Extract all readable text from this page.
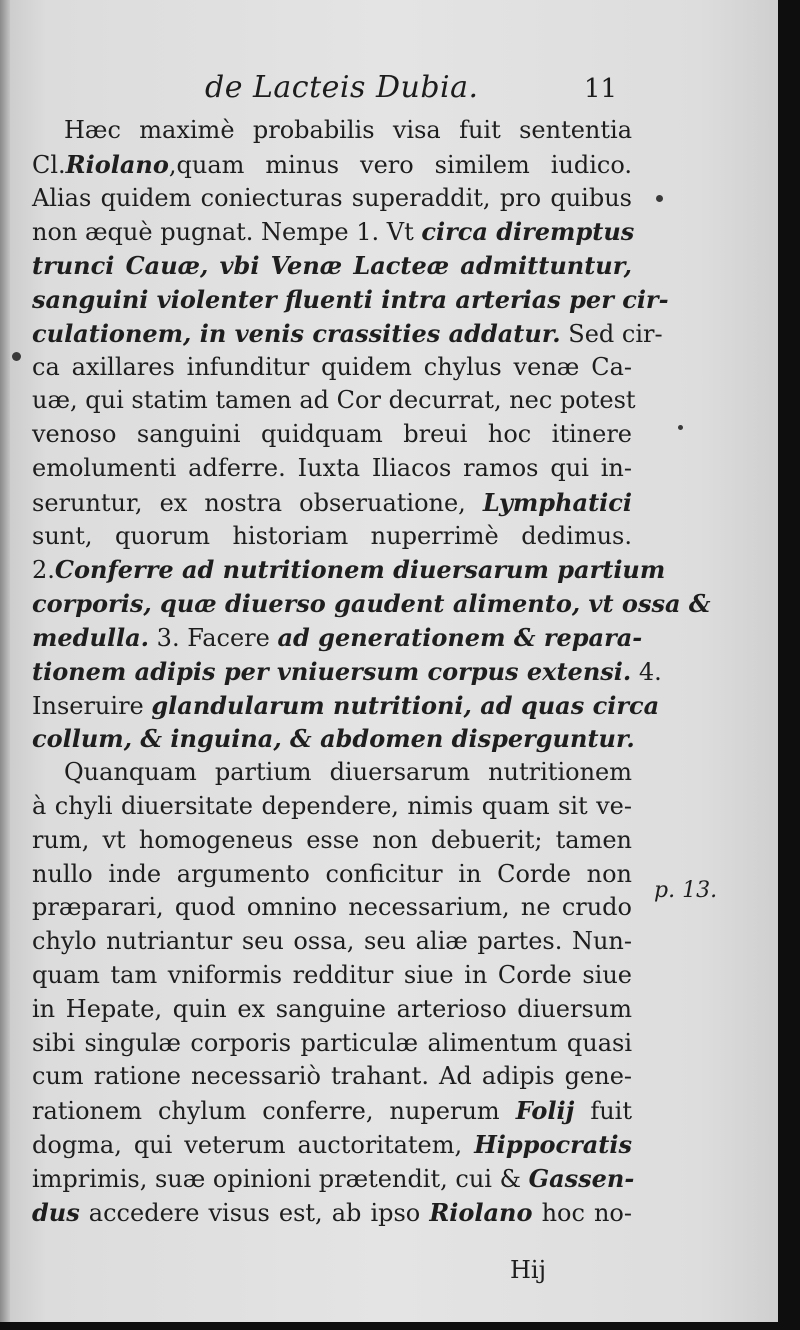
de Lacteis Dubia.	11
Hæc maximè probabilis visa fuit sententia
Cl.Riolano,quam minus vero similem iudico.
Alias quidem coniecturas superaddit, pro quibus
non æquè pugnat. Nempe 1. Vt circa diremptus
trunci Cauæ, vbi Venæ Lacteæ admittuntur,
sanguini violenter fluenti intra arterias per cir-
culationem, in venis crassities addatur. Sed cir-
ca axillares infunditur quidem chylus venæ Ca-
uæ, qui statim tamen ad Cor decurrat, nec potest
venoso sanguini quidquam breui hoc itinere
emolumenti adferre. Iuxta Iliacos ramos qui in-
seruntur, ex nostra obseruatione, Lymphatici
sunt, quorum historiam nuperrimè dedimus.
2.Conferre ad nutritionem diuersarum partium
corporis, quæ diuerso gaudent alimento, vt ossa &
medulla. 3. Facere ad generationem & repara-
tionem adipis per vniuersum corpus extensi. 4.
Inseruire glandularum nutritioni, ad quas circa
collum, & inguina, & abdomen disperguntur.
Quanquam partium diuersarum nutritionem
à chyli diuersitate dependere, nimis quam sit ve-
rum, vt homogeneus esse non debuerit; tamen
nullo inde argumento conficitur in Corde non
præparari, quod omnino necessarium, ne crudo
chylo nutriantur seu ossa, seu aliæ partes. Nun-
quam tam vniformis redditur siue in Corde siue
in Hepate, quin ex sanguine arterioso diuersum
sibi singulæ corporis particulæ alimentum quasi
cum ratione necessariò trahant. Ad adipis gene-
rationem chylum conferre, nuperum Folij fuit
dogma, qui veterum auctoritatem, Hippocratis
imprimis, suæ opinioni prætendit, cui & Gassen-
dus accedere visus est, ab ipso Riolano hoc no-
p. 13.
Hij
